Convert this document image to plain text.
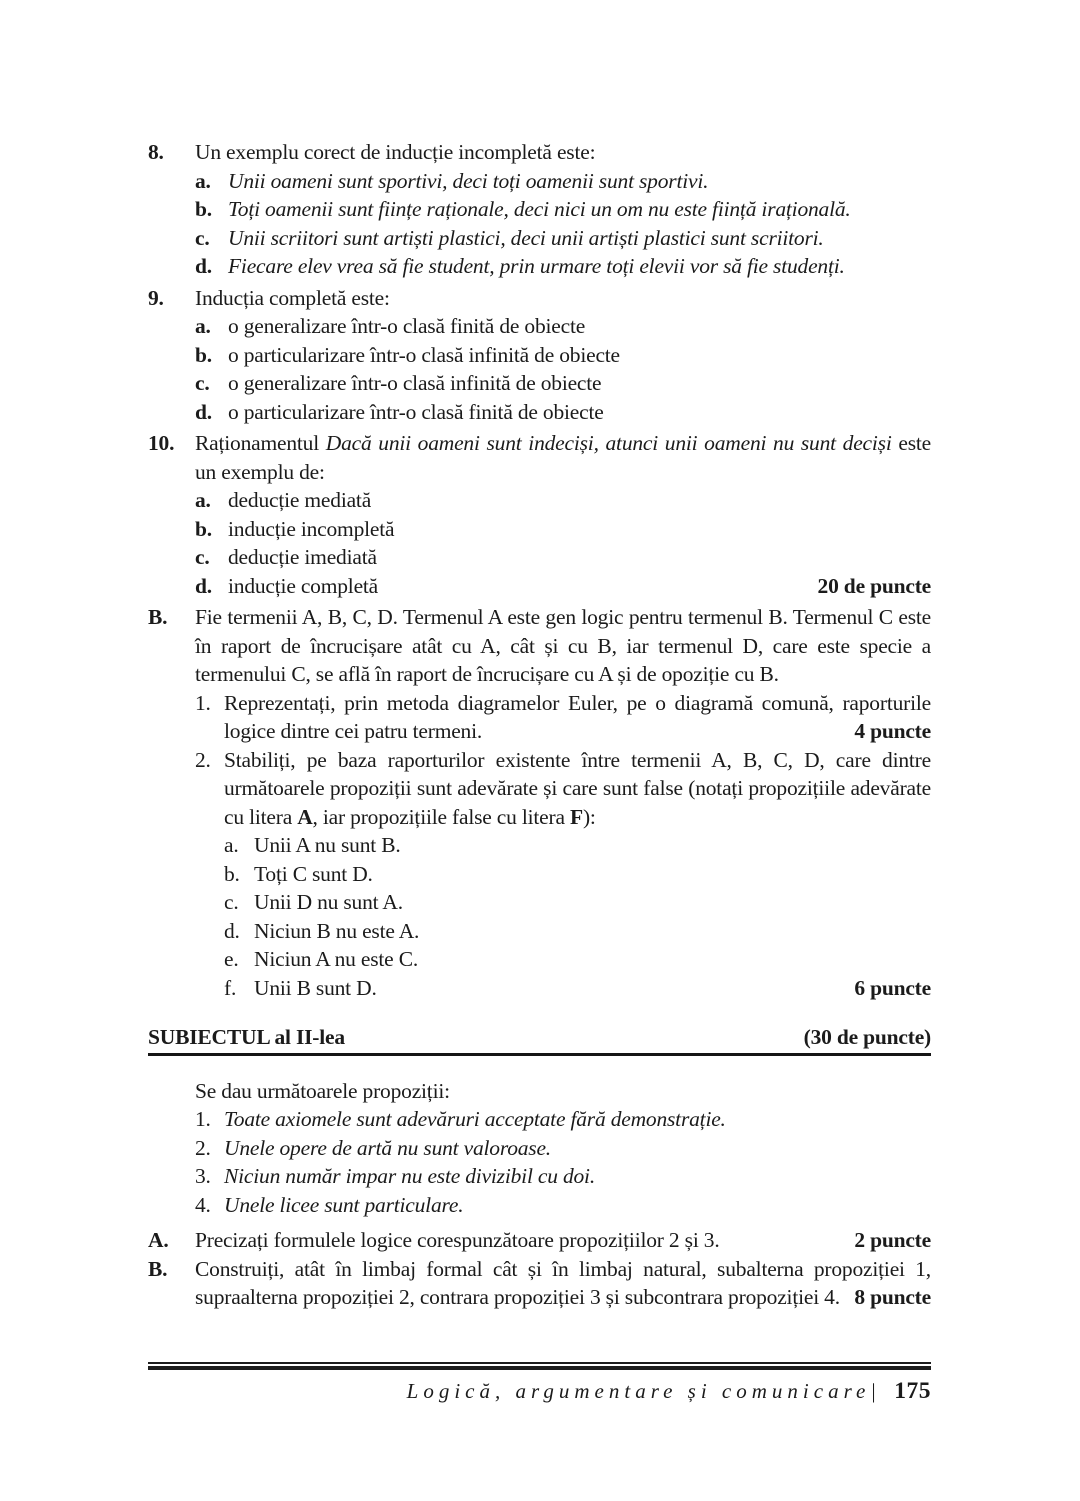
8.	Un exemplu corect de inducție incompletă este:

a. Unii oameni sunt sportivi, deci toți oamenii sunt sportivi.
b. Toți oamenii sunt ființe raționale, deci nici un om nu este ființă irațională.
c. Unii scriitori sunt artiști plastici, deci unii artiști plastici sunt scriitori.
d. Fiecare elev vrea să fie student, prin urmare toți elevii vor să fie studenți.
9.	Inducția completă este:

a. o generalizare într-o clasă finită de obiecte
b. o particularizare într-o clasă infinită de obiecte
c. o generalizare într-o clasă infinită de obiecte
d. o particularizare într-o clasă finită de obiecte
10. Raționamentul Dacă unii oameni sunt indeciși, atunci unii oameni nu sunt deciși este un exemplu de:

a. deducție mediată
b. inducție incompletă
c. deducție imediată
d. inducție completă	20 de puncte
B.	Fie termenii A, B, C, D. Termenul A este gen logic pentru termenul B. Termenul C este în raport de încrucișare atât cu A, cât și cu B, iar termenul D, care este specie a termenului C, se află în raport de încrucișare cu A și de opoziție cu B.

1. Reprezentați, prin metoda diagramelor Euler, pe o diagramă comună, raporturile logice dintre cei patru termeni.	4 puncte
2. Stabiliți, pe baza raporturilor existente între termenii A, B, C, D, care dintre următoarele propoziții sunt adevărate și care sunt false (notați propozițiile adevărate cu litera A, iar propozițiile false cu litera F):

a. Unii A nu sunt B.
b. Toți C sunt D.
c. Unii D nu sunt A.
d. Niciun B nu este A.
e. Niciun A nu este C.
f. Unii B sunt D.	6 puncte
SUBIECTUL al II-lea	(30 de puncte)

Se dau următoarele propoziții:

1. Toate axiomele sunt adevăruri acceptate fără demonstrație.
2. Unele opere de artă nu sunt valoroase.
3. Niciun număr impar nu este divizibil cu doi.
4. Unele licee sunt particulare.
A.	Precizați formulele logice corespunzătoare propozițiilor 2 și 3.	2 puncte
B.	Construiți, atât în limbaj formal cât și în limbaj natural, subalterna propoziției 1, supraalterna propoziției 2, contrara propoziției 3 și subcontrara propoziției 4. 8 puncte
Logică, argumentare și comunicare| 175
